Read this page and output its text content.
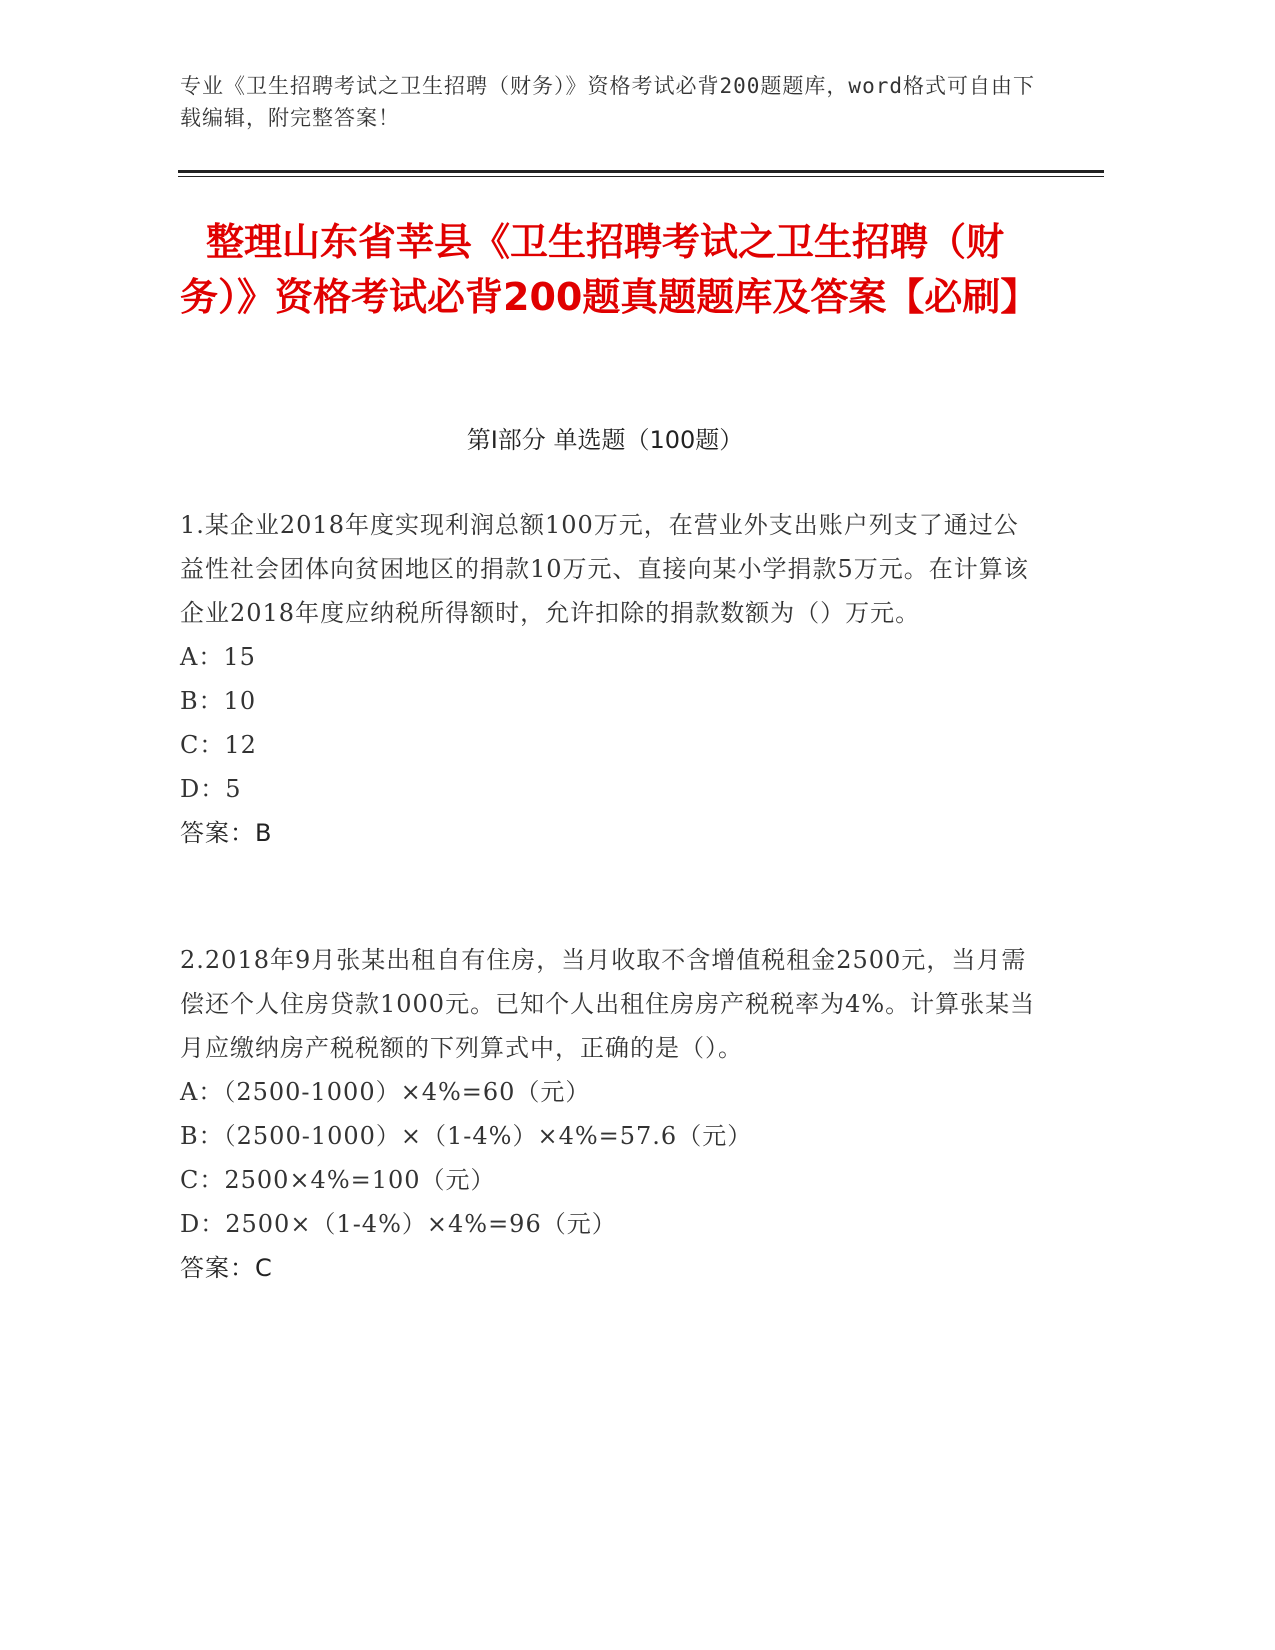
专业《卫生招聘考试之卫生招聘（财务）》资格考试必背200题题库，word格式可自由下载编辑，附完整答案！
整理山东省莘县《卫生招聘考试之卫生招聘（财务）》资格考试必背200题真题题库及答案【必刷】
第Ⅰ部分 单选题（100题）
1.某企业2018年度实现利润总额100万元，在营业外支出账户列支了通过公益性社会团体向贫困地区的捐款10万元、直接向某小学捐款5万元。在计算该企业2018年度应纳税所得额时，允许扣除的捐款数额为（）万元。
A：15
B：10
C：12
D：5
答案：B
2.2018年9月张某出租自有住房，当月收取不含增值税租金2500元，当月需偿还个人住房贷款1000元。已知个人出租住房房产税税率为4%。计算张某当月应缴纳房产税税额的下列算式中，正确的是（）。
A：（2500-1000）×4%=60（元）
B：（2500-1000）×（1-4%）×4%=57.6（元）
C：2500×4%=100（元）
D：2500×（1-4%）×4%=96（元）
答案：C
